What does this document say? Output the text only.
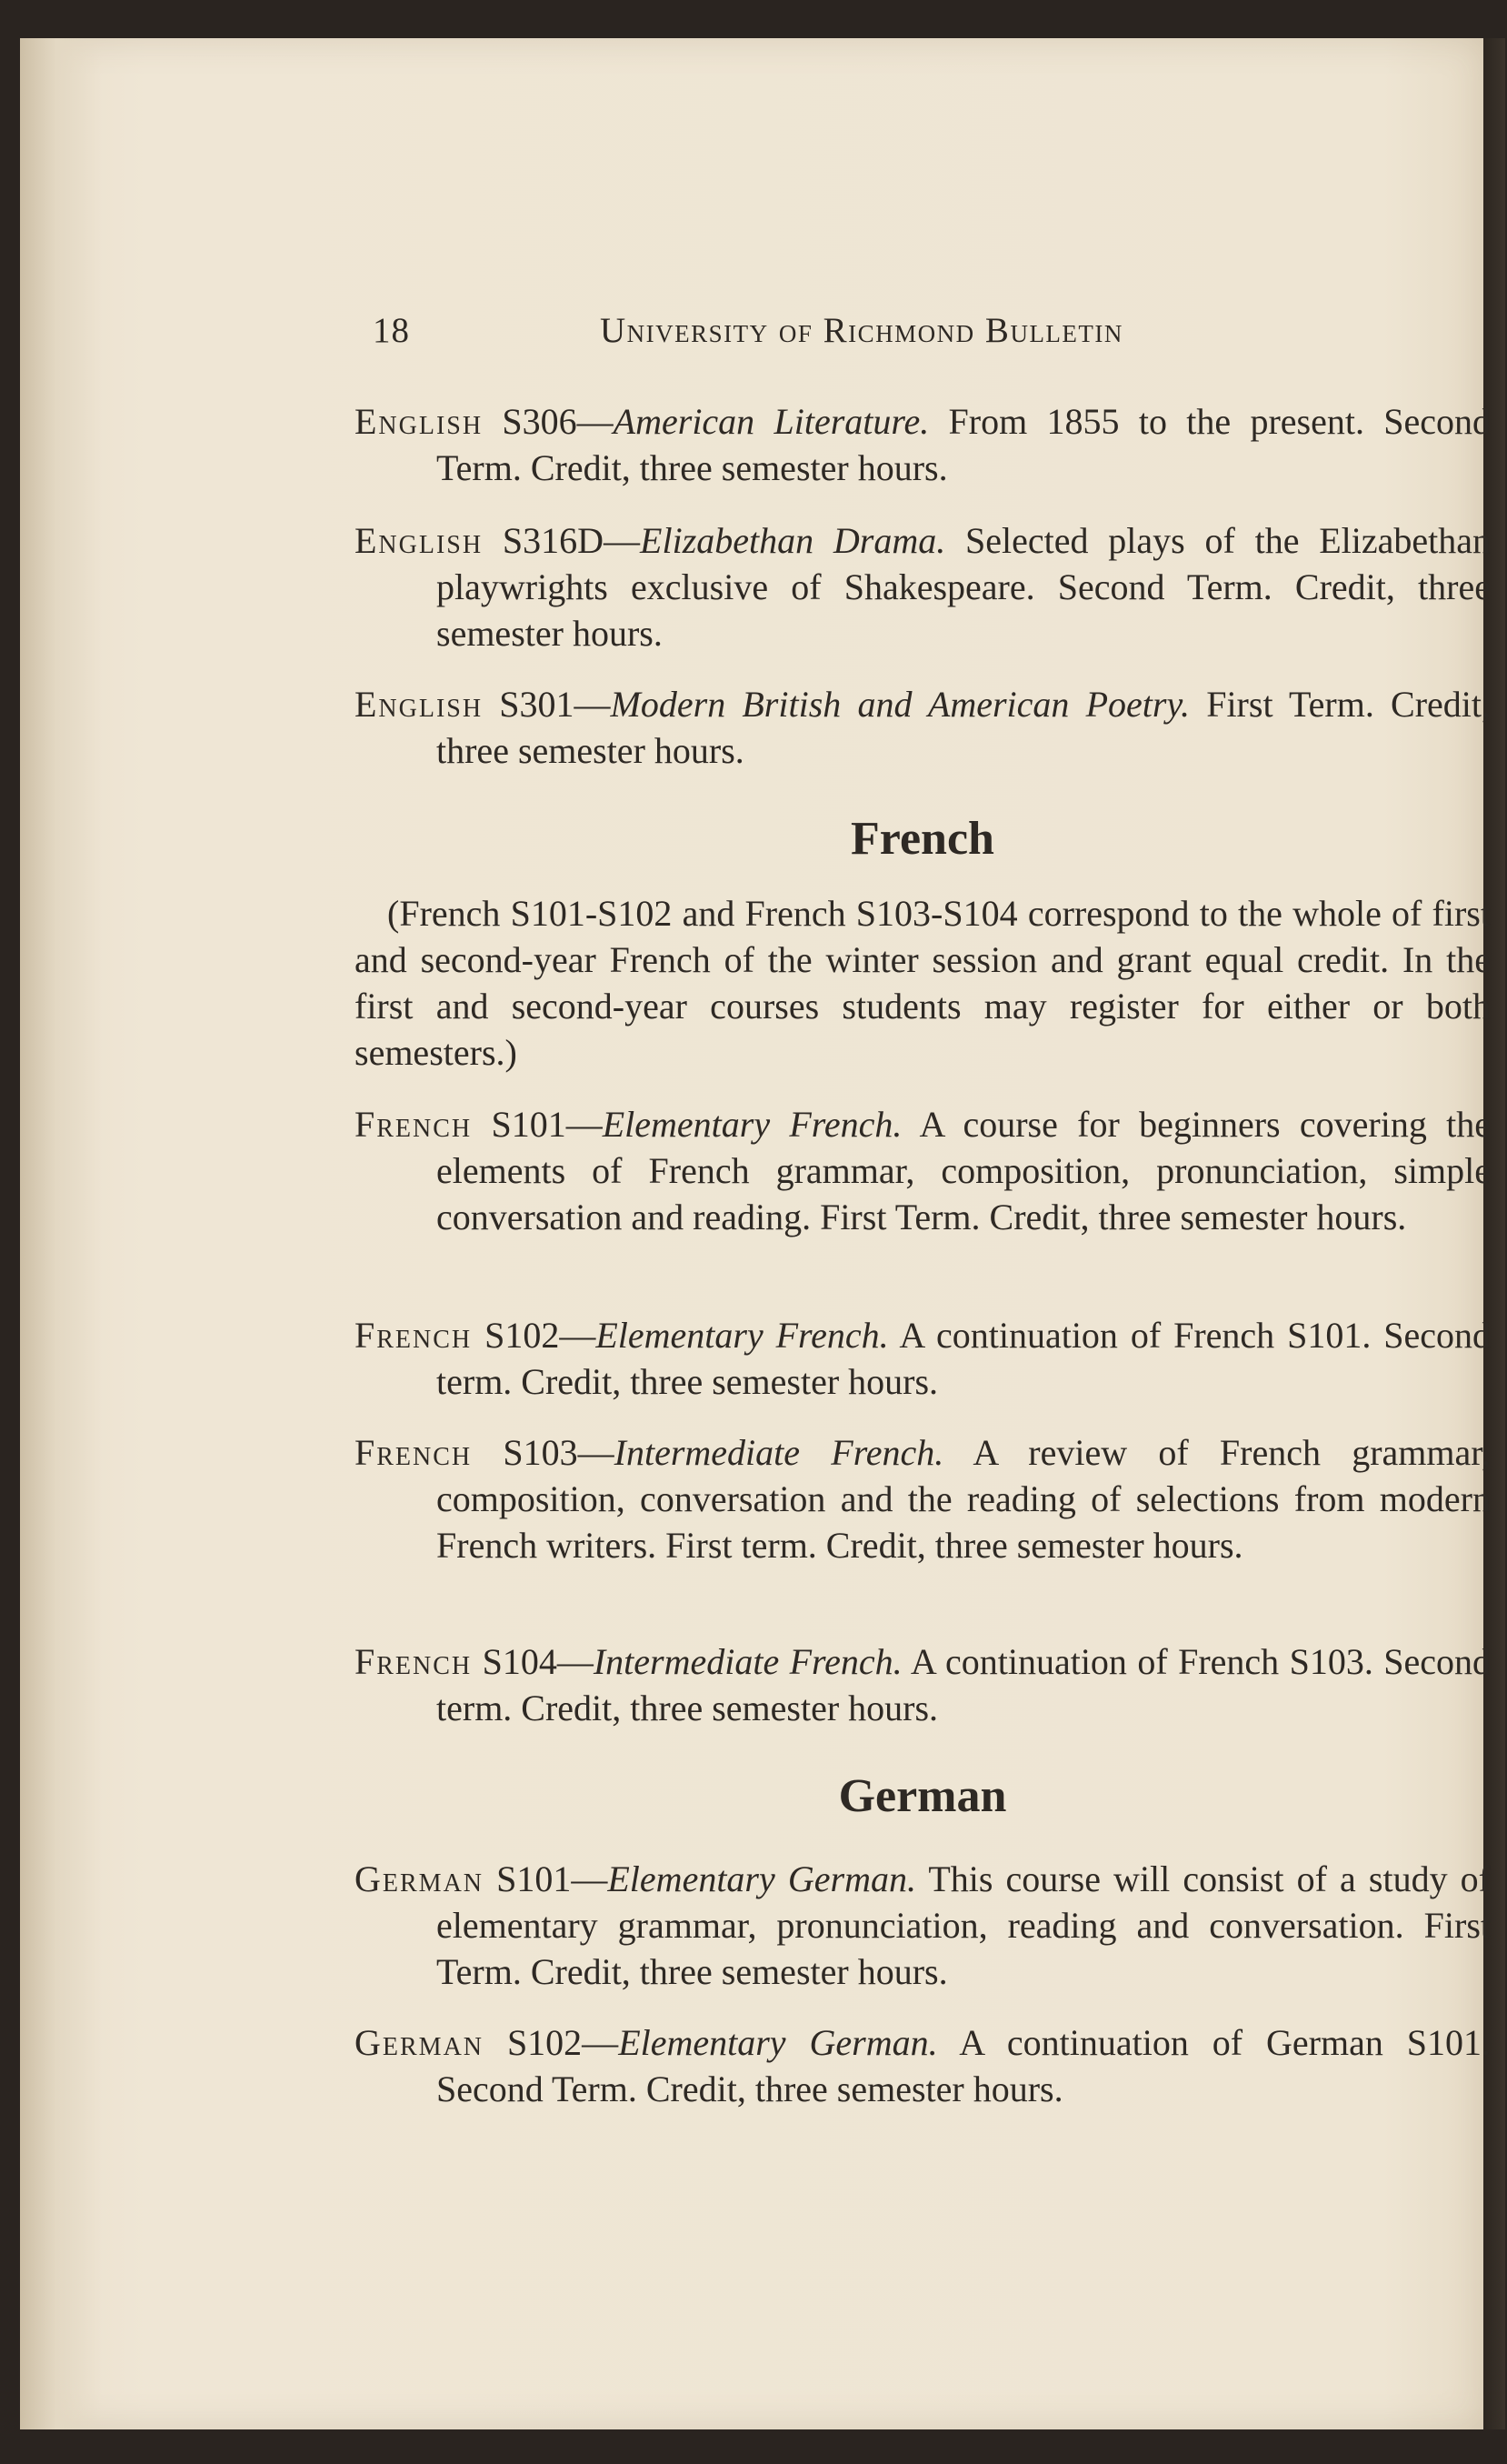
18	University of Richmond Bulletin

English S306—American Literature. From 1855 to the present. Second Term. Credit, three semester hours.

English S316D—Elizabethan Drama. Selected plays of the Elizabethan playwrights exclusive of Shakespeare. Second Term. Credit, three semester hours.

English S301—Modern British and American Poetry. First Term. Credit, three semester hours.

French

(French S101-S102 and French S103-S104 correspond to the whole of first and second-year French of the winter session and grant equal credit. In the first and second-year courses students may register for either or both semesters.)

French S101—Elementary French. A course for beginners covering the elements of French grammar, composition, pronunciation, simple conversation and reading. First Term. Credit, three semester hours.

French S102—Elementary French. A continuation of French S101. Second term. Credit, three semester hours.

French S103—Intermediate French. A review of French grammar, composition, conversation and the reading of selections from modern French writers. First term. Credit, three semester hours.

French S104—Intermediate French. A continuation of French S103. Second term. Credit, three semester hours.

German

German S101—Elementary German. This course will consist of a study of elementary grammar, pronunciation, reading and conversation. First Term. Credit, three semester hours.

German S102—Elementary German. A continuation of German S101. Second Term. Credit, three semester hours.
